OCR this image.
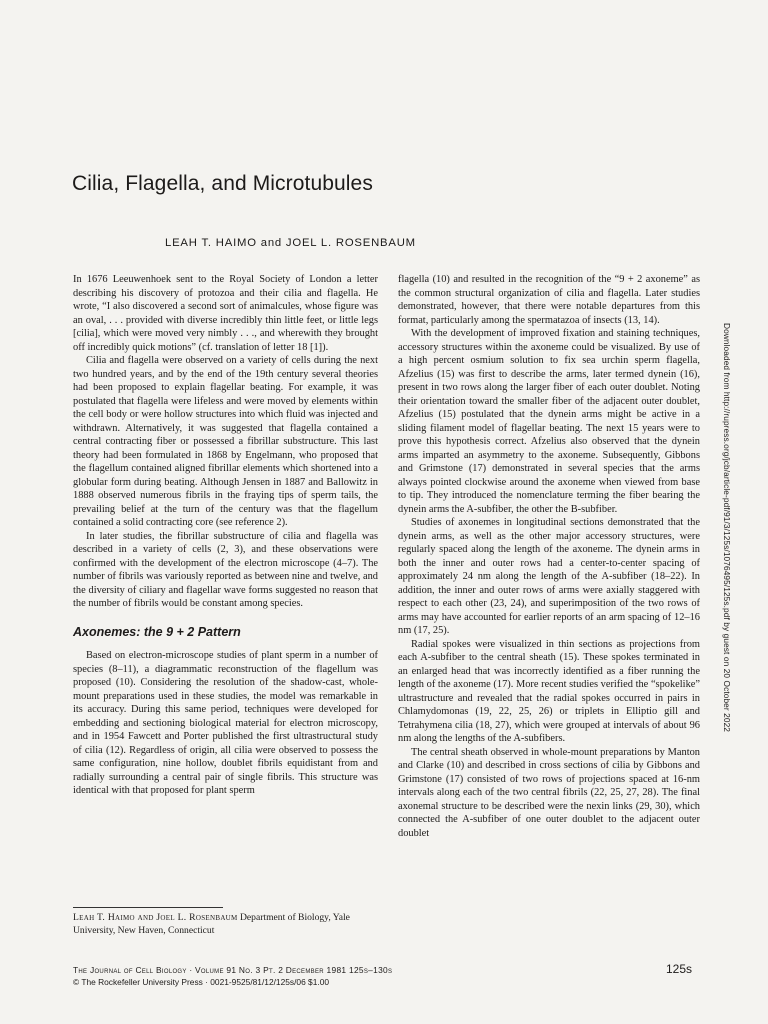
Cilia, Flagella, and Microtubules
LEAH T. HAIMO and JOEL L. ROSENBAUM

In 1676 Leeuwenhoek sent to the Royal Society of London a letter describing his discovery of protozoa and their cilia and flagella. He wrote, “I also discovered a second sort of animalcules, whose figure was an oval, . . . provided with diverse incredibly thin little feet, or little legs [cilia], which were moved very nimbly . . ., and wherewith they brought off incredibly quick motions” (cf. translation of letter 18 [1]).

Cilia and flagella were observed on a variety of cells during the next two hundred years, and by the end of the 19th century several theories had been proposed to explain flagellar beating. For example, it was postulated that flagella were lifeless and were moved by elements within the cell body or were hollow structures into which fluid was injected and withdrawn. Alternatively, it was suggested that flagella contained a central contracting fiber or possessed a fibrillar substructure. This last theory had been formulated in 1868 by Engelmann, who proposed that the flagellum contained aligned fibrillar elements which shortened into a globular form during beating. Although Jensen in 1887 and Ballowitz in 1888 observed numerous fibrils in the fraying tips of sperm tails, the prevailing belief at the turn of the century was that the flagellum contained a solid contracting core (see reference 2).

In later studies, the fibrillar substructure of cilia and flagella was described in a variety of cells (2, 3), and these observations were confirmed with the development of the electron microscope (4–7). The number of fibrils was variously reported as between nine and twelve, and the diversity of ciliary and flagellar wave forms suggested no reason that the number of fibrils would be constant among species.

Axonemes: the 9 + 2 Pattern

Based on electron-microscope studies of plant sperm in a number of species (8–11), a diagrammatic reconstruction of the flagellum was proposed (10). Considering the resolution of the shadow-cast, whole-mount preparations used in these studies, the model was remarkable in its accuracy. During this same period, techniques were developed for embedding and sectioning biological material for electron microscopy, and in 1954 Fawcett and Porter published the first ultrastructural study of cilia (12). Regardless of origin, all cilia were observed to possess the same configuration, nine hollow, doublet fibrils equidistant from and radially surrounding a central pair of single fibrils. This structure was identical with that proposed for plant sperm

flagella (10) and resulted in the recognition of the “9 + 2 axoneme” as the common structural organization of cilia and flagella. Later studies demonstrated, however, that there were notable departures from this format, particularly among the spermatazoa of insects (13, 14).

With the development of improved fixation and staining techniques, accessory structures within the axoneme could be visualized. By use of a high percent osmium solution to fix sea urchin sperm flagella, Afzelius (15) was first to describe the arms, later termed dynein (16), present in two rows along the larger fiber of each outer doublet. Noting their orientation toward the smaller fiber of the adjacent outer doublet, Afzelius (15) postulated that the dynein arms might be active in a sliding filament model of flagellar beating. The next 15 years were to prove this hypothesis correct. Afzelius also observed that the dynein arms imparted an asymmetry to the axoneme. Subsequently, Gibbons and Grimstone (17) demonstrated in several species that the arms always pointed clockwise around the axoneme when viewed from base to tip. They introduced the nomenclature terming the fiber bearing the dynein arms the A-subfiber, the other the B-subfiber.

Studies of axonemes in longitudinal sections demonstrated that the dynein arms, as well as the other major accessory structures, were regularly spaced along the length of the axoneme. The dynein arms in both the inner and outer rows had a center-to-center spacing of approximately 24 nm along the length of the A-subfiber (18–22). In addition, the inner and outer rows of arms were axially staggered with respect to each other (23, 24), and superimposition of the two rows of arms may have accounted for earlier reports of an arm spacing of 12–16 nm (17, 25).

Radial spokes were visualized in thin sections as projections from each A-subfiber to the central sheath (15). These spokes terminated in an enlarged head that was incorrectly identified as a fiber running the length of the axoneme (17). More recent studies verified the “spokelike” ultrastructure and revealed that the radial spokes occurred in pairs in Chlamydomonas (19, 22, 25, 26) or triplets in Elliptio gill and Tetrahymena cilia (18, 27), which were grouped at intervals of about 96 nm along the lengths of the A-subfibers.

The central sheath observed in whole-mount preparations by Manton and Clarke (10) and described in cross sections of cilia by Gibbons and Grimstone (17) consisted of two rows of projections spaced at 16-nm intervals along each of the two central fibrils (22, 25, 27, 28). The final axonemal structure to be described were the nexin links (29, 30), which connected the A-subfiber of one outer doublet to the adjacent outer doublet

Leah T. Haimo and Joel L. Rosenbaum Department of Biology, Yale University, New Haven, Connecticut
The Journal of Cell Biology · Volume 91 No. 3 Pt. 2 December 1981 125s–130s
© The Rockefeller University Press · 0021-9525/81/12/125s/06 $1.00
125s
Downloaded from http://rupress.org/jcb/article-pdf/91/3/125s/1076495/125s.pdf by guest on 20 October 2022
